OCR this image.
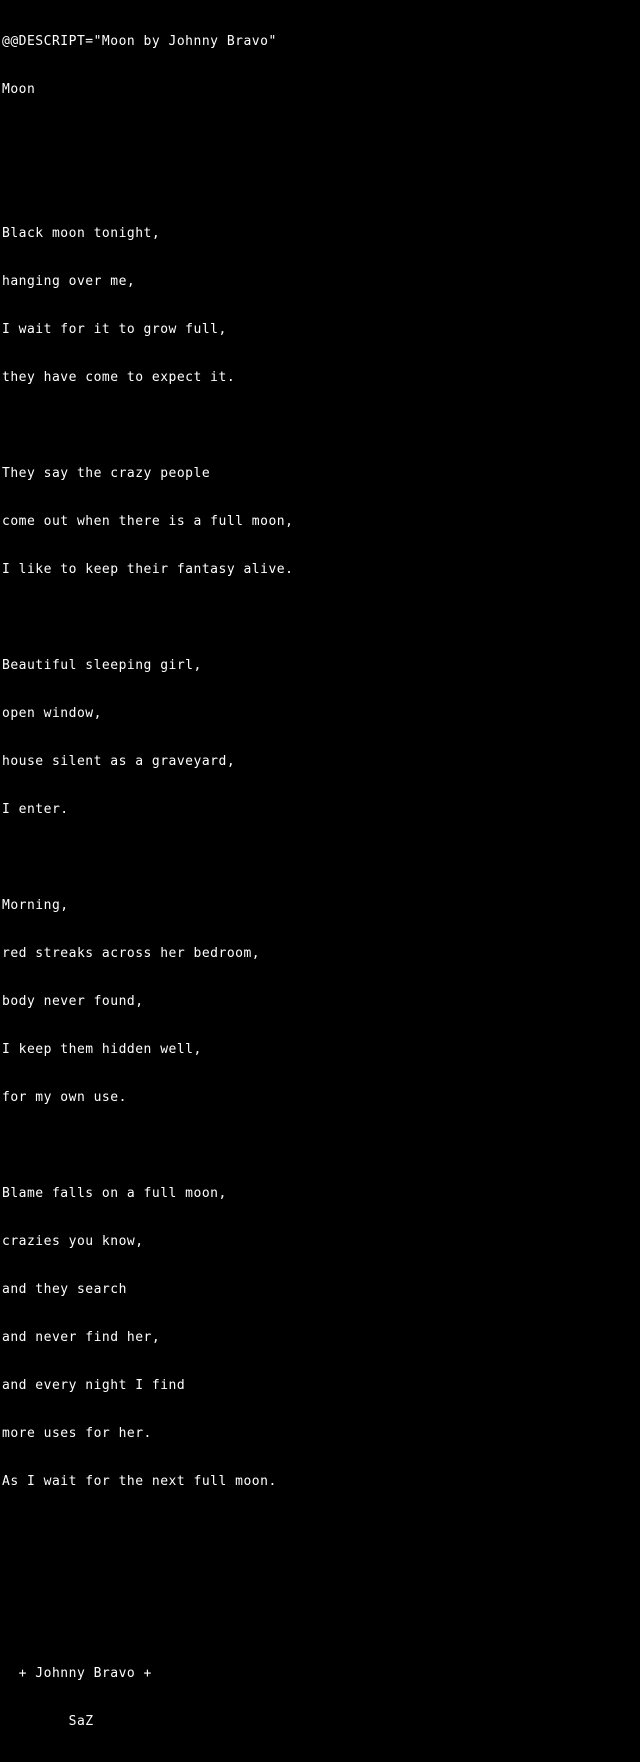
@@DESCRIPT="Moon by Johnny Bravo"

Moon

Black moon tonight,

hanging over me,

I wait for it to grow full,

they have come to expect it.

They say the crazy people

come out when there is a full moon,

I like to keep their fantasy alive.

Beautiful sleeping girl,

open window,

house silent as a graveyard,

I enter.

Morning,

red streaks across her bedroom,

body never found,

I keep them hidden well,

for my own use.

Blame falls on a full moon,

crazies you know,

and they search

and never find her,

and every night I find

more uses for her.

As I wait for the next full moon.

+ Johnny Bravo +

SaZ
